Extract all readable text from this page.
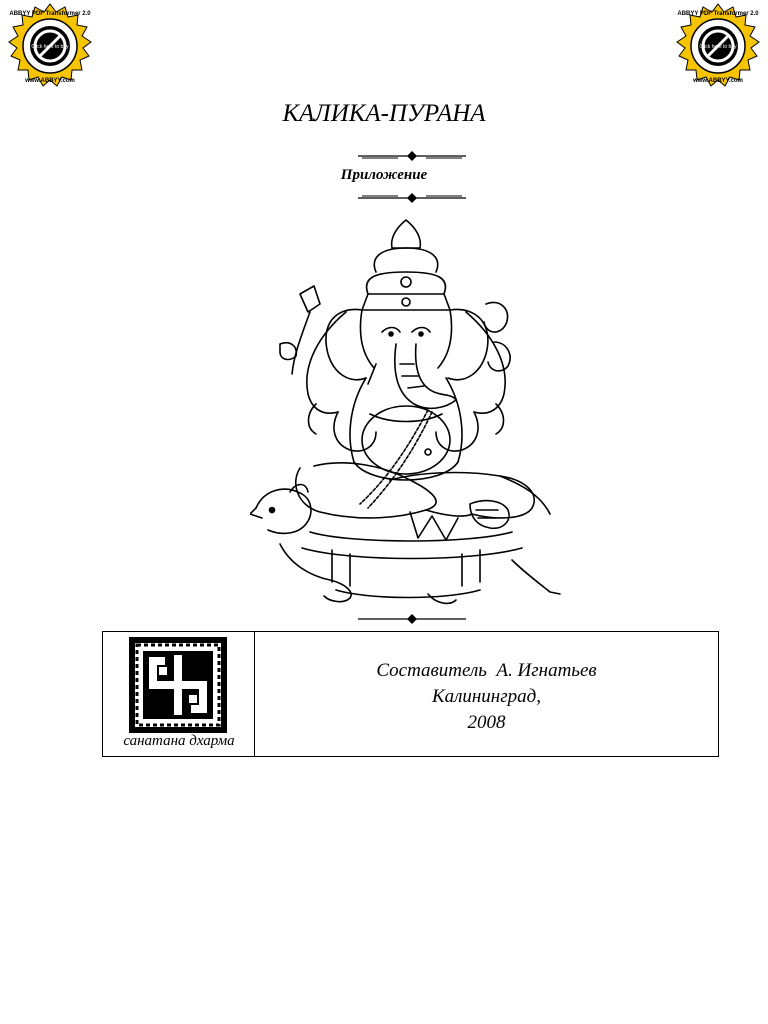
ABBYY PDF Transformer 2.0
Click here to buy
www.ABBYY.com
ABBYY PDF Transformer 2.0
Click here to buy
www.ABBYY.com
КАЛИКА-ПУРАНА
Приложение
санатана дхарма
Составитель  А. Игнатьев
Калининград,
2008
